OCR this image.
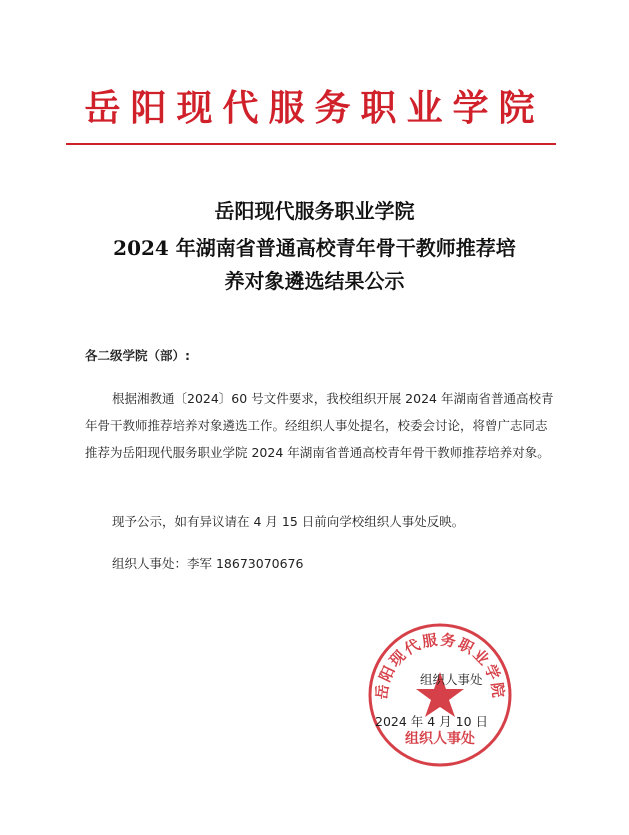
岳阳现代服务职业学院
岳阳现代服务职业学院
2024 年湖南省普通高校青年骨干教师推荐培
养对象遴选结果公示
各二级学院（部）:
根据湘教通〔2024〕60 号文件要求，我校组织开展 2024 年湖南省普通高校青年骨干教师推荐培养对象遴选工作。经组织人事处提名，校委会讨论，将曾广志同志推荐为岳阳现代服务职业学院 2024 年湖南省普通高校青年骨干教师推荐培养对象。
现予公示，如有异议请在 4 月 15 日前向学校组织人事处反映。
组织人事处：李军 18673070676
岳阳现代服务职业学院
组织人事处
组织人事处
2024 年 4 月 10 日
